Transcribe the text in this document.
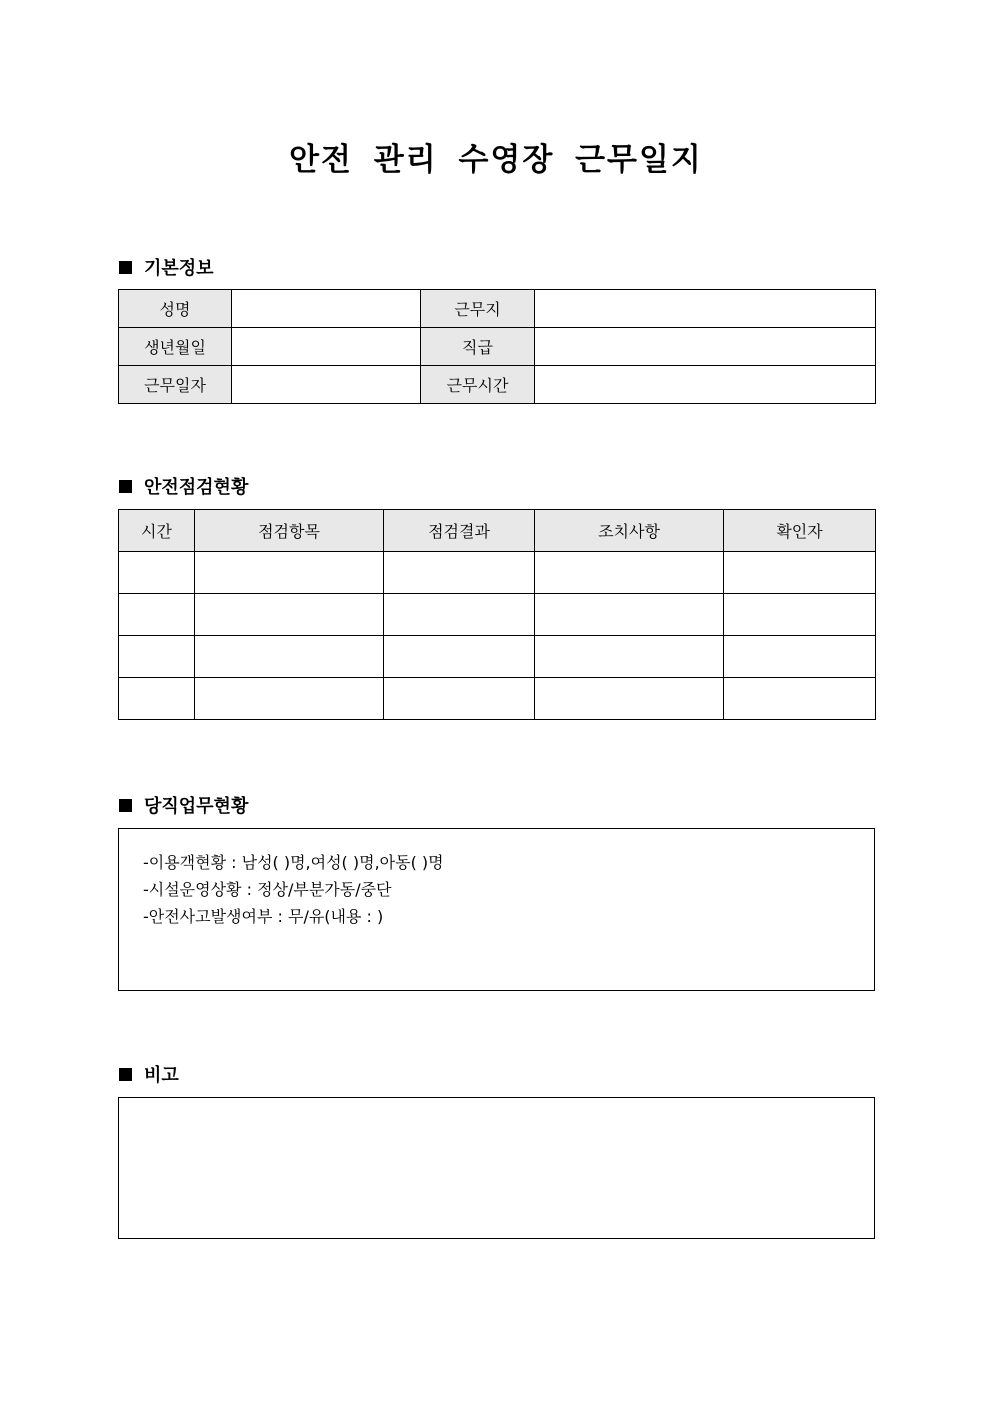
안전 관리 수영장 근무일지
기본정보
성명		근무지	
생년월일		직급	
근무일자		근무시간	
안전점검현황
시간	점검항목	점검결과	조치사항	확인자

당직업무현황
-이용객현황 : 남성( )명,여성( )명,아동( )명
-시설운영상황 : 정상/부분가동/중단
-안전사고발생여부 : 무/유(내용 : )
비고
